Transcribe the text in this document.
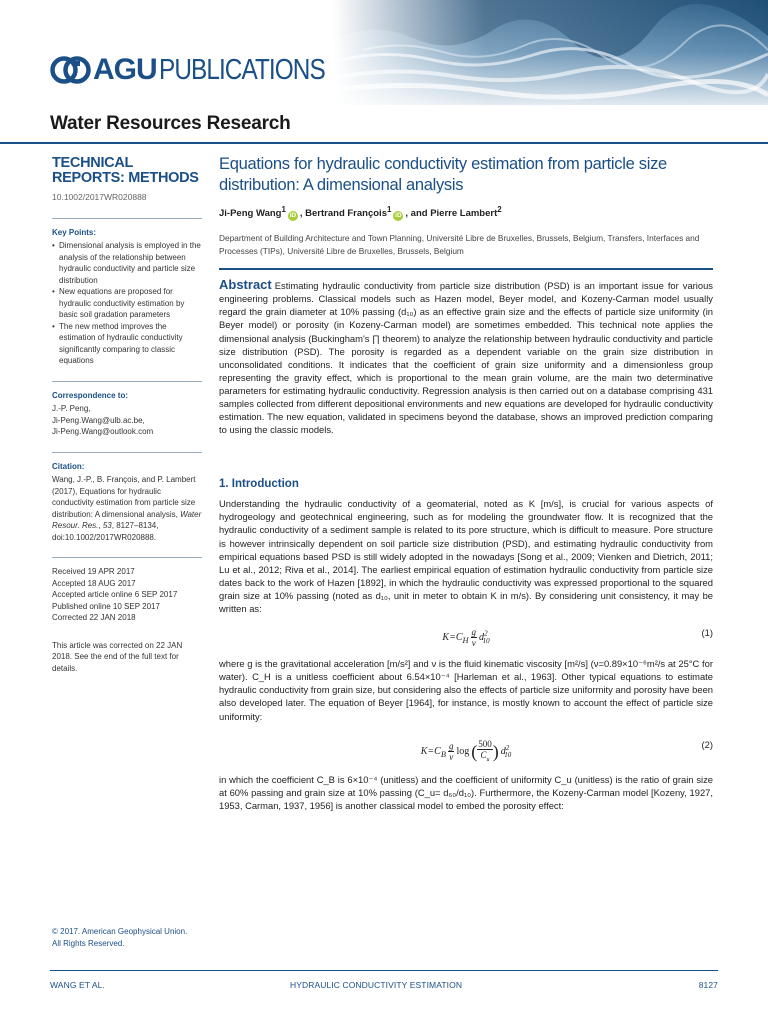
AGU PUBLICATIONS
Water Resources Research
TECHNICAL
REPORTS: METHODS
10.1002/2017WR020888
Key Points:
• Dimensional analysis is employed in the analysis of the relationship between hydraulic conductivity and particle size distribution
• New equations are proposed for hydraulic conductivity estimation by basic soil gradation parameters
• The new method improves the estimation of hydraulic conductivity significantly comparing to classic equations
Correspondence to:
J.-P. Peng,
Ji-Peng.Wang@ulb.ac.be,
Ji-Peng.Wang@outlook.com
Citation:
Wang, J.-P., B. François, and P. Lambert (2017), Equations for hydraulic conductivity estimation from particle size distribution: A dimensional analysis, Water Resour. Res., 53, 8127–8134, doi:10.1002/2017WR020888.
Received 19 APR 2017
Accepted 18 AUG 2017
Accepted article online 6 SEP 2017
Published online 10 SEP 2017
Corrected 22 JAN 2018
This article was corrected on 22 JAN 2018. See the end of the full text for details.
Equations for hydraulic conductivity estimation from particle size distribution: A dimensional analysis
Ji-Peng Wang$^1$iD , Bertrand François$^1$iD , and Pierre Lambert$^2$
Department of Building Architecture and Town Planning, Université Libre de Bruxelles, Brussels, Belgium, Transfers, Interfaces and Processes (TIPs), Université Libre de Bruxelles, Brussels, Belgium
Abstract Estimating hydraulic conductivity from particle size distribution (PSD) is an important issue for various engineering problems. Classical models such as Hazen model, Beyer model, and Kozeny-Carman model usually regard the grain diameter at 10% passing (d₁₀) as an effective grain size and the effects of particle size uniformity (in Beyer model) or porosity (in Kozeny-Carman model) are sometimes embedded. This technical note applies the dimensional analysis (Buckingham's ∏ theorem) to analyze the relationship between hydraulic conductivity and particle size distribution (PSD). The porosity is regarded as a dependent variable on the grain size distribution in unconsolidated conditions. It indicates that the coefficient of grain size uniformity and a dimensionless group representing the gravity effect, which is proportional to the mean grain volume, are the main two determinative parameters for estimating hydraulic conductivity. Regression analysis is then carried out on a database comprising 431 samples collected from different depositional environments and new equations are developed for hydraulic conductivity estimation. The new equation, validated in specimens beyond the database, shows an improved prediction comparing to using the classic models.
1. Introduction
Understanding the hydraulic conductivity of a geomaterial, noted as K [m/s], is crucial for various aspects of hydrogeology and geotechnical engineering, such as for modeling the groundwater flow. It is recognized that the hydraulic conductivity of a sediment sample is related to its pore structure, which is difficult to measure. Pore structure is however intrinsically dependent on soil particle size distribution (PSD), and estimating hydraulic conductivity from empirical equations based PSD is still widely adopted in the nowadays [Song et al., 2009; Vienken and Dietrich, 2011; Lu et al., 2012; Riva et al., 2014]. The earliest empirical equation of estimation hydraulic conductivity from particle size dates back to the work of Hazen [1892], in which the hydraulic conductivity was expressed proportional to the squared grain size at 10% passing (noted as d₁₀, unit in meter to obtain K in m/s). By considering unit consistency, it may be written as:
$K=C_H \frac{g}{\nu} d^2_{10}$
(1)
where g is the gravitational acceleration [m/s²] and ν is the fluid kinematic viscosity [m²/s] (ν=0.89×10⁻⁶m²/s at 25°C for water). C_H is a unitless coefficient about 6.54×10⁻⁴ [Harleman et al., 1963]. Other typical equations to estimate hydraulic conductivity from grain size, but considering also the effects of particle size uniformity and porosity have been also developed later. The equation of Beyer [1964], for instance, is mostly known to account the effect of particle size uniformity:
$K=C_B \frac{g}{\nu}$
  log  ( $\frac{500}{C_u}$ ) $d^2_{10}$
(2)
in which the coefficient C_B is 6×10⁻⁴ (unitless) and the coefficient of uniformity C_u (unitless) is the ratio of grain size at 60% passing and grain size at 10% passing (C_u= d₆₀/d₁₀). Furthermore, the Kozeny-Carman model [Kozeny, 1927, 1953, Carman, 1937, 1956] is another classical model to embed the porosity effect:
© 2017. American Geophysical Union.
All Rights Reserved.
WANG ET AL.	HYDRAULIC CONDUCTIVITY ESTIMATION	8127
